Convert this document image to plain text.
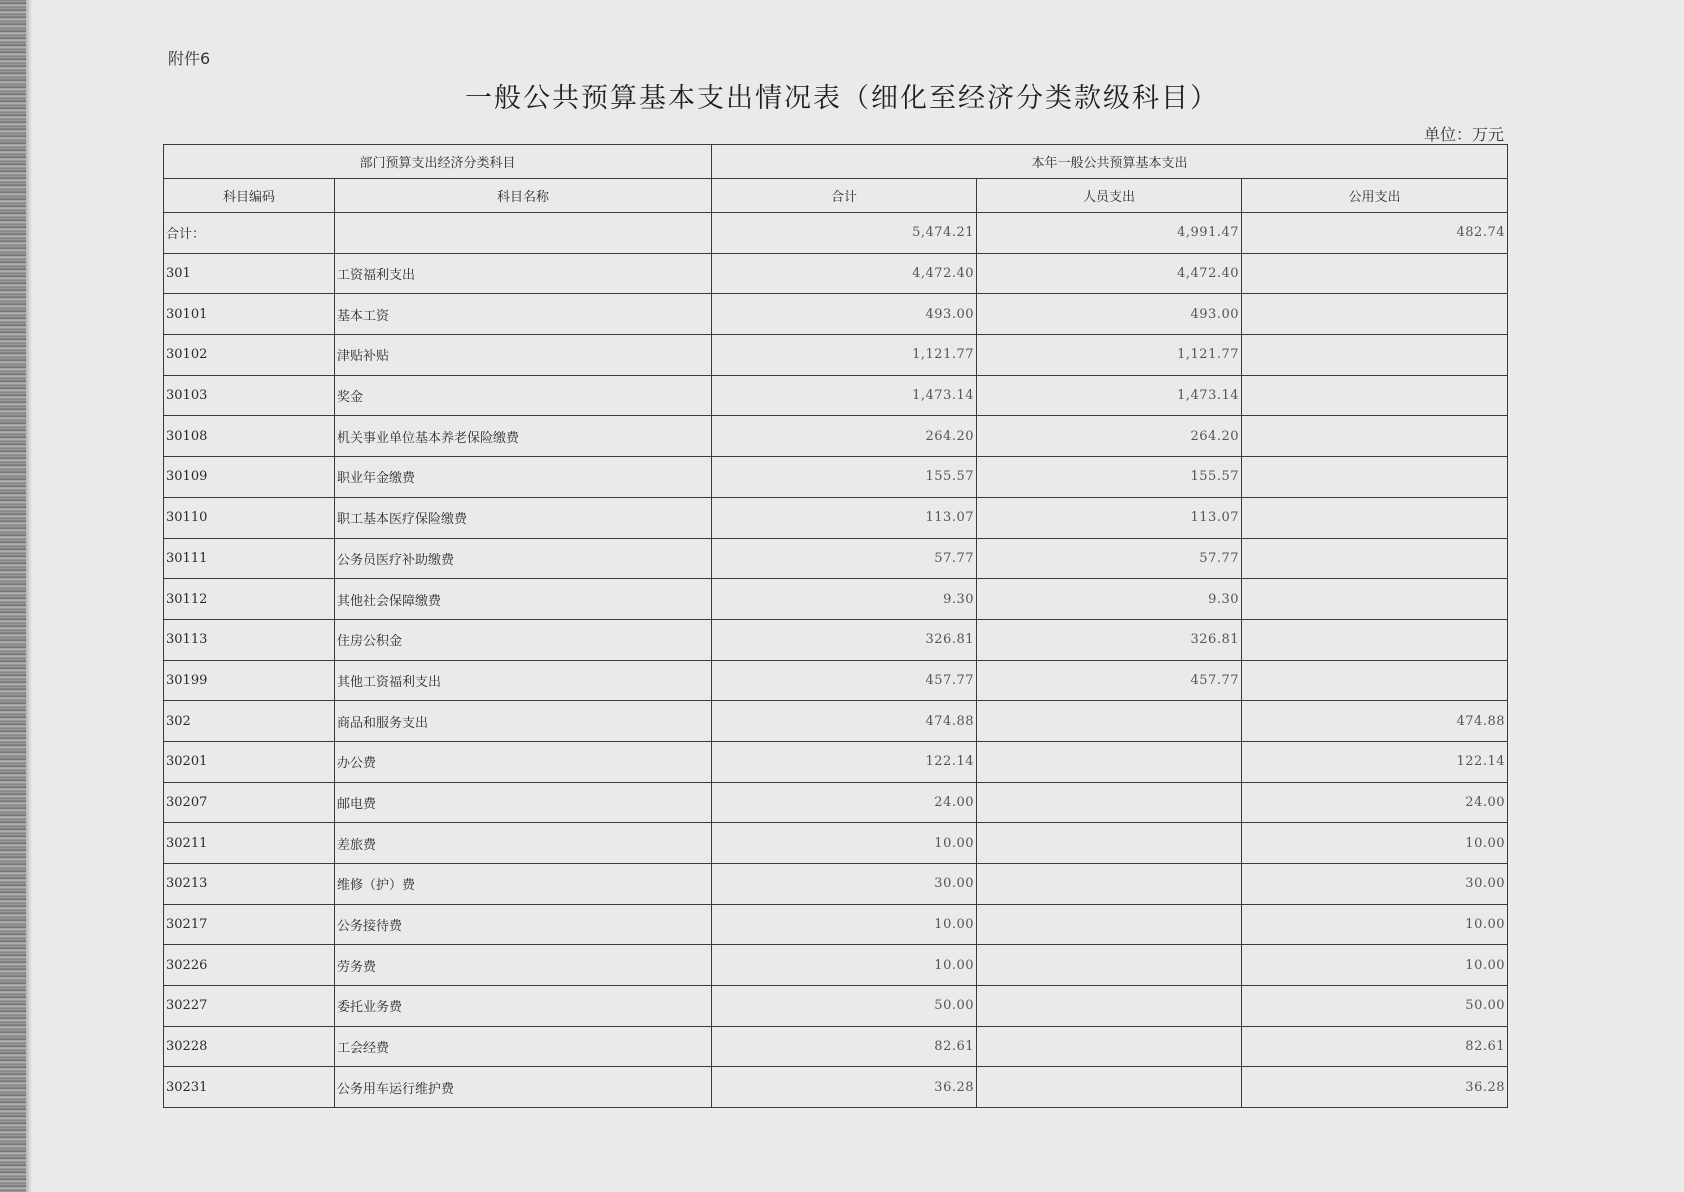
附件6
一般公共预算基本支出情况表（细化至经济分类款级科目）
单位：万元
部门预算支出经济分类科目		本年一般公共预算基本支出		
科目编码	科目名称	合计	人员支出	公用支出
合计：		5,474.21	4,991.47	482.74
301	工资福利支出	4,472.40	4,472.40	
30101	基本工资	493.00	493.00	
30102	津贴补贴	1,121.77	1,121.77	
30103	奖金	1,473.14	1,473.14	
30108	机关事业单位基本养老保险缴费	264.20	264.20	
30109	职业年金缴费	155.57	155.57	
30110	职工基本医疗保险缴费	113.07	113.07	
30111	公务员医疗补助缴费	57.77	57.77	
30112	其他社会保障缴费	9.30	9.30	
30113	住房公积金	326.81	326.81	
30199	其他工资福利支出	457.77	457.77	
302	商品和服务支出	474.88		474.88
30201	办公费	122.14		122.14
30207	邮电费	24.00		24.00
30211	差旅费	10.00		10.00
30213	维修（护）费	30.00		30.00
30217	公务接待费	10.00		10.00
30226	劳务费	10.00		10.00
30227	委托业务费	50.00		50.00
30228	工会经费	82.61		82.61
30231	公务用车运行维护费	36.28		36.28
